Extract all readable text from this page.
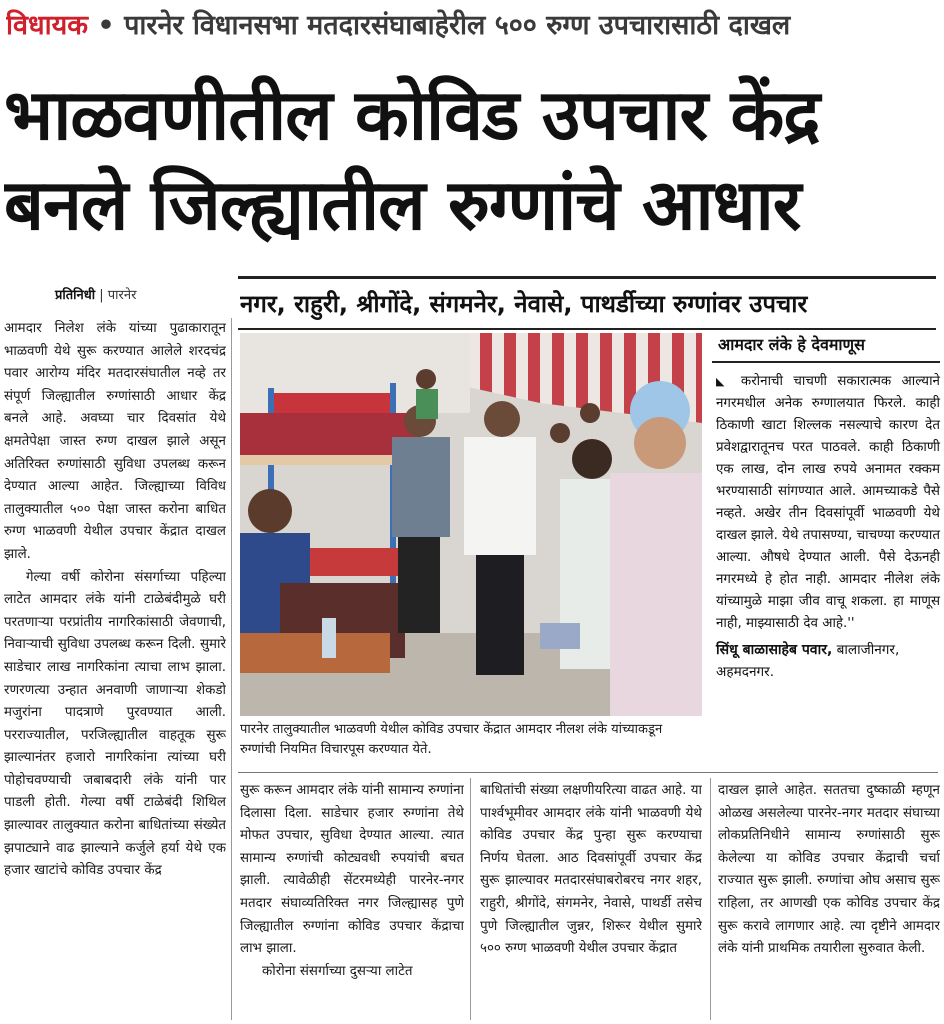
विधायक • पारनेर विधानसभा मतदारसंघाबाहेरील ५०० रुग्ण उपचारासाठी दाखल
भाळवणीतील कोविड उपचार केंद्र
बनले जिल्ह्यातील रुग्णांचे आधार
प्रतिनिधी | पारनेर	नगर, राहुरी, श्रीगोंदे, संगमनेर, नेवासे, पाथर्डीच्या रुग्णांवर उपचार

आमदार निलेश लंके यांच्या पुढाकारातून भाळवणी येथे सुरू करण्यात आलेले शरदचंद्र पवार आरोग्य मंदिर मतदारसंघातील नव्हे तर संपूर्ण जिल्ह्यातील रुग्णांसाठी आधार केंद्र बनले आहे. अवघ्या चार दिवसांत येथे क्षमतेपेक्षा जास्त रुग्ण दाखल झाले असून अतिरिक्त रुग्णांसाठी सुविधा उपलब्ध करून देण्यात आल्या आहेत. जिल्ह्याच्या विविध तालुक्यातील ५०० पेक्षा जास्त करोना बाधित रुग्ण भाळवणी येथील उपचार केंद्रात दाखल झाले.

गेल्या वर्षी कोरोना संसर्गाच्या पहिल्या लाटेत आमदार लंके यांनी टाळेबंदीमुळे घरी परतणाऱ्या परप्रांतीय नागरिकांसाठी जेवणाची, निवाऱ्याची सुविधा उपलब्ध करून दिली. सुमारे साडेचार लाख नागरिकांना त्याचा लाभ झाला. रणरणत्या उन्हात अनवाणी जाणाऱ्या शेकडो मजुरांना पादत्राणे पुरवण्यात आली. परराज्यातील, परजिल्ह्यातील वाहतूक सुरू झाल्यानंतर हजारो नागरिकांना त्यांच्या घरी पोहोचवण्याची जबाबदारी लंके यांनी पार पाडली होती. गेल्या वर्षी टाळेबंदी शिथिल झाल्यावर तालुक्यात करोना बाधितांच्या संख्येत झपाट्याने वाढ झाल्याने कर्जुले हर्या येथे एक हजार खाटांचे कोविड उपचार केंद्र

पारनेर तालुक्यातील भाळवणी येथील कोविड उपचार केंद्रात आमदार नीलश लंके यांच्याकडून रुग्णांची नियमित विचारपूस करण्यात येते.
आमदार लंके हे देवमाणूस
◣ करोनाची चाचणी सकारात्मक आल्याने नगरमधील अनेक रुग्णालयात फिरले. काही ठिकाणी खाटा शिल्लक नसल्याचे कारण देत प्रवेशद्वारातूनच परत पाठवले. काही ठिकाणी एक लाख, दोन लाख रुपये अनामत रक्कम भरण्यासाठी सांगण्यात आले. आमच्याकडे पैसे नव्हते. अखेर तीन दिवसांपूर्वी भाळवणी येथे दाखल झाले. येथे तपासण्या, चाचण्या करण्यात आल्या. औषधे देण्यात आली. पैसे देऊनही नगरमध्ये हे होत नाही. आमदार नीलेश लंके यांच्यामुळे माझा जीव वाचू शकला. हा माणूस नाही, माझ्यासाठी देव आहे.''
सिंधू बाळासाहेब पवार, बालाजीनगर, अहमदनगर.

सुरू करून आमदार लंके यांनी सामान्य रुग्णांना दिलासा दिला. साडेचार हजार रुग्णांना तेथे मोफत उपचार, सुविधा देण्यात आल्या. त्यात सामान्य रुग्णांची कोट्यवधी रुपयांची बचत झाली. त्यावेळीही सेंटरमध्येही पारनेर-नगर मतदार संघाव्यतिरिक्त नगर जिल्ह्यासह पुणे जिल्ह्यातील रुग्णांना कोविड उपचार केंद्राचा लाभ झाला.

कोरोना संसर्गाच्या दुसऱ्या लाटेत

बाधितांची संख्या लक्षणीयरित्या वाढत आहे. या पार्श्वभूमीवर आमदार लंके यांनी भाळवणी येथे कोविड उपचार केंद्र पुन्हा सुरू करण्याचा निर्णय घेतला. आठ दिवसांपूर्वी उपचार केंद्र सुरू झाल्यावर मतदारसंघाबरोबरच नगर शहर, राहुरी, श्रीगोंदे, संगमनेर, नेवासे, पाथर्डी तसेच पुणे जिल्ह्यातील जुन्नर, शिरूर येथील सुमारे ५०० रुग्ण भाळवणी येथील उपचार केंद्रात

दाखल झाले आहेत. सततचा दुष्काळी म्हणून ओळख असलेल्या पारनेर-नगर मतदार संघाच्या लोकप्रतिनिधीने सामान्य रुग्णांसाठी सुरू केलेल्या या कोविड उपचार केंद्राची चर्चा राज्यात सुरू झाली. रुग्णांचा ओघ असाच सुरू राहिला, तर आणखी एक कोविड उपचार केंद्र सुरू करावे लागणार आहे. त्या दृष्टीने आमदार लंके यांनी प्राथमिक तयारीला सुरुवात केली.
